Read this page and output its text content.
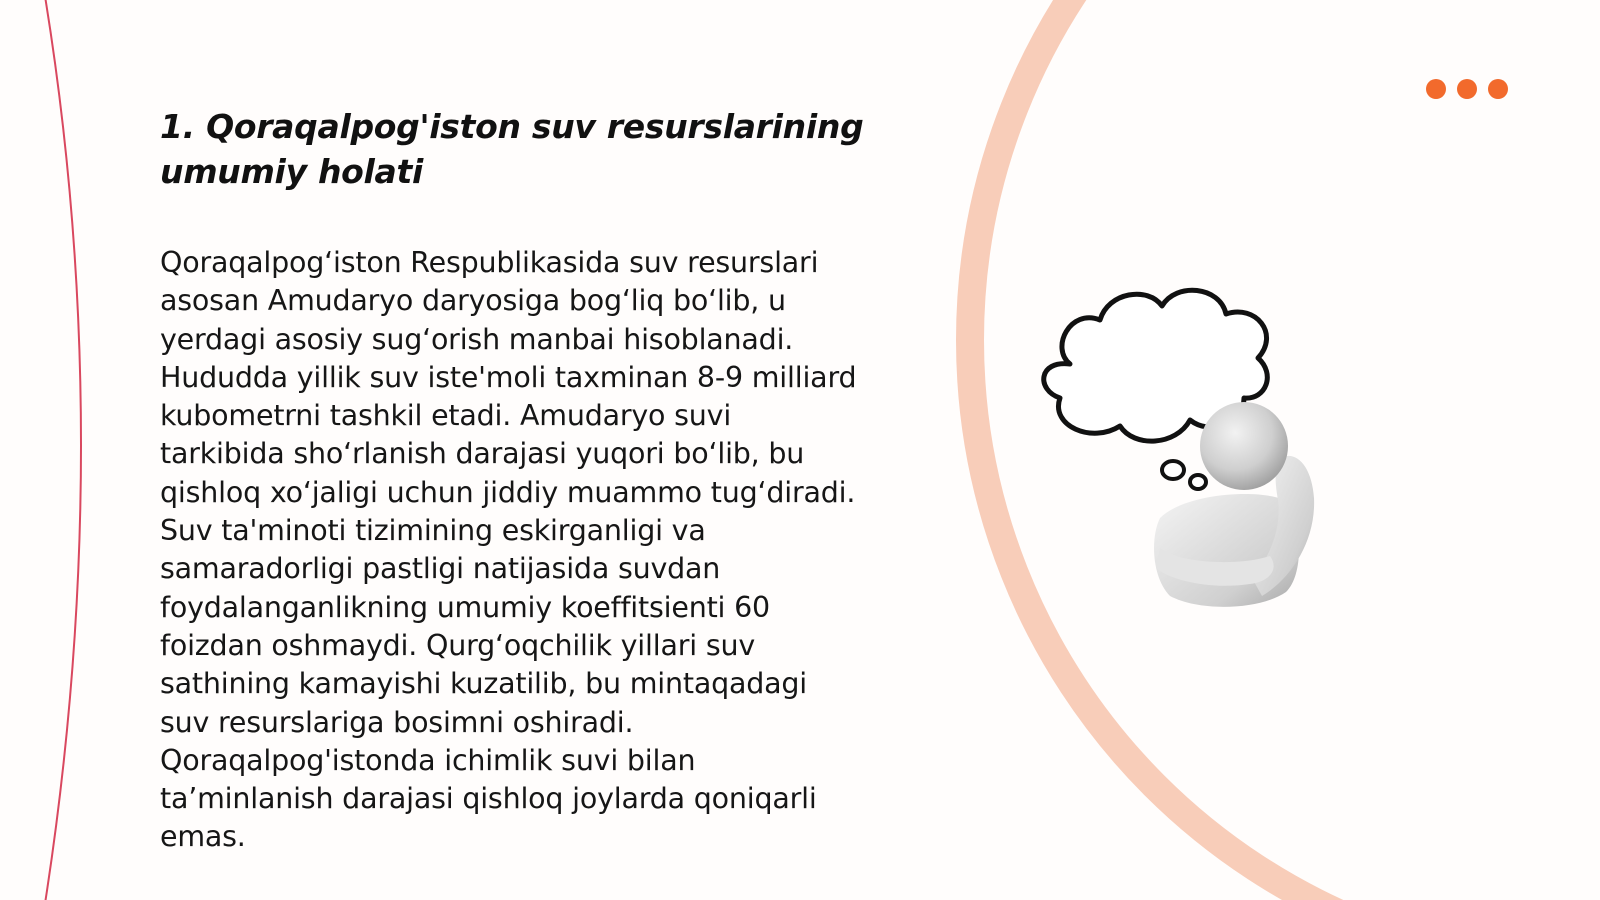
1. Qoraqalpog'iston suv resurslarining umumiy holati

Qoraqalpog‘iston Respublikasida suv resurslari asosan Amudaryo daryosiga bog‘liq bo‘lib, u yerdagi asosiy sug‘orish manbai hisoblanadi. Hududda yillik suv iste'moli taxminan 8-9 milliard kubometrni tashkil etadi. Amudaryo suvi tarkibida sho‘rlanish darajasi yuqori bo‘lib, bu qishloq xo‘jaligi uchun jiddiy muammo tug‘diradi. Suv ta'minoti tizimining eskirganligi va samaradorligi pastligi natijasida suvdan foydalanganlikning umumiy koeffitsienti 60 foizdan oshmaydi. Qurg‘oqchilik yillari suv sathining kamayishi kuzatilib, bu mintaqadagi suv resurslariga bosimni oshiradi. Qoraqalpog'istonda ichimlik suvi bilan ta’minlanish darajasi qishloq joylarda qoniqarli emas.
